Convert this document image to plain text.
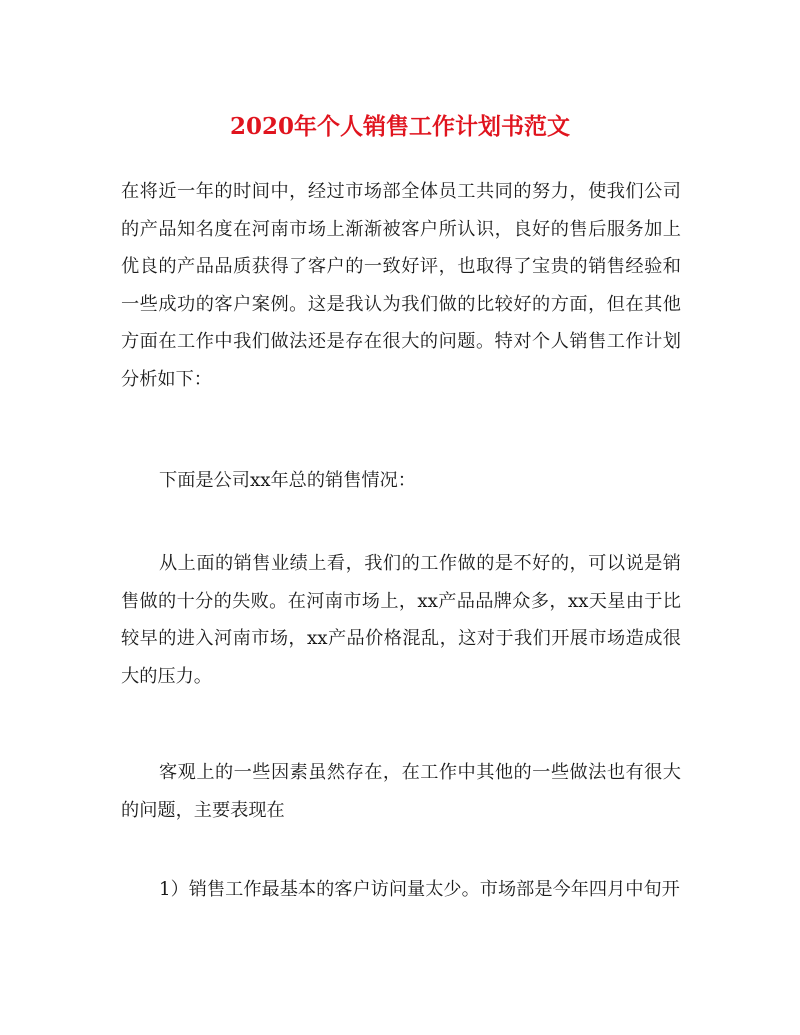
2020年个人销售工作计划书范文

在将近一年的时间中，经过市场部全体员工共同的努力，使我们公司的产品知名度在河南市场上渐渐被客户所认识，良好的售后服务加上优良的产品品质获得了客户的一致好评，也取得了宝贵的销售经验和一些成功的客户案例。这是我认为我们做的比较好的方面，但在其他方面在工作中我们做法还是存在很大的问题。特对个人销售工作计划分析如下：

下面是公司xx年总的销售情况：

从上面的销售业绩上看，我们的工作做的是不好的，可以说是销售做的十分的失败。在河南市场上，xx产品品牌众多，xx天星由于比较早的进入河南市场，xx产品价格混乱，这对于我们开展市场造成很大的压力。

客观上的一些因素虽然存在，在工作中其他的一些做法也有很大的问题，主要表现在

1）销售工作最基本的客户访问量太少。市场部是今年四月中旬开
